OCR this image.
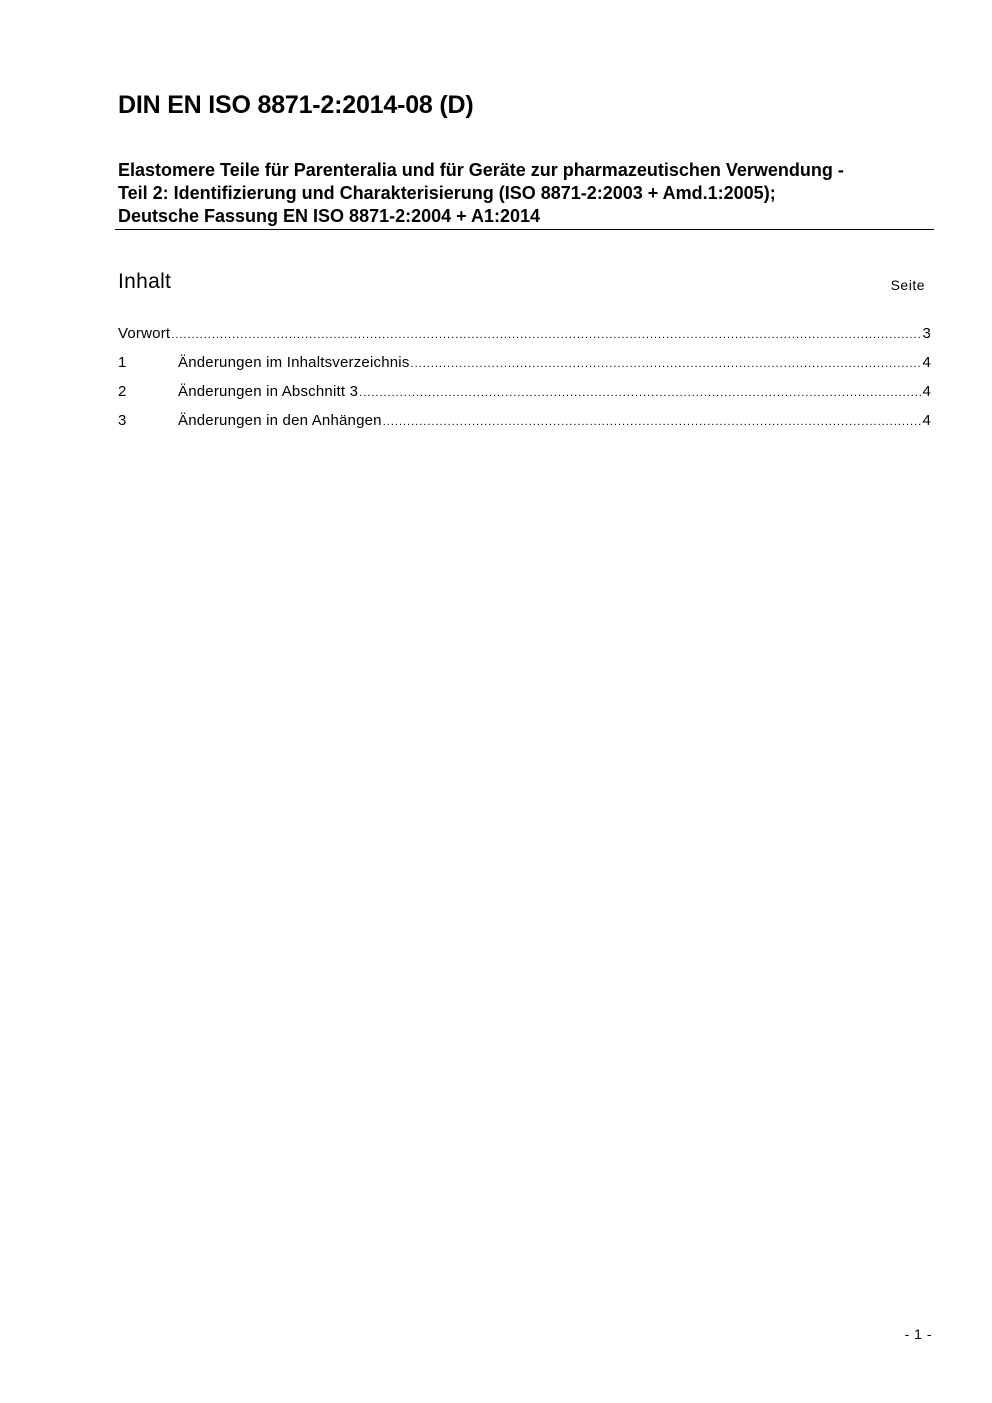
DIN EN ISO 8871-2:2014-08 (D)
Elastomere Teile für Parenteralia und für Geräte zur pharmazeutischen Verwendung -
Teil 2: Identifizierung und Charakterisierung (ISO 8871-2:2003 + Amd.1:2005);
Deutsche Fassung EN ISO 8871-2:2004 + A1:2014
Inhalt	Seite
Vorwort .....	3
1	Änderungen im Inhaltsverzeichnis .....	4
2	Änderungen in Abschnitt 3 .....	4
3	Änderungen in den Anhängen .....	4
- 1 -
